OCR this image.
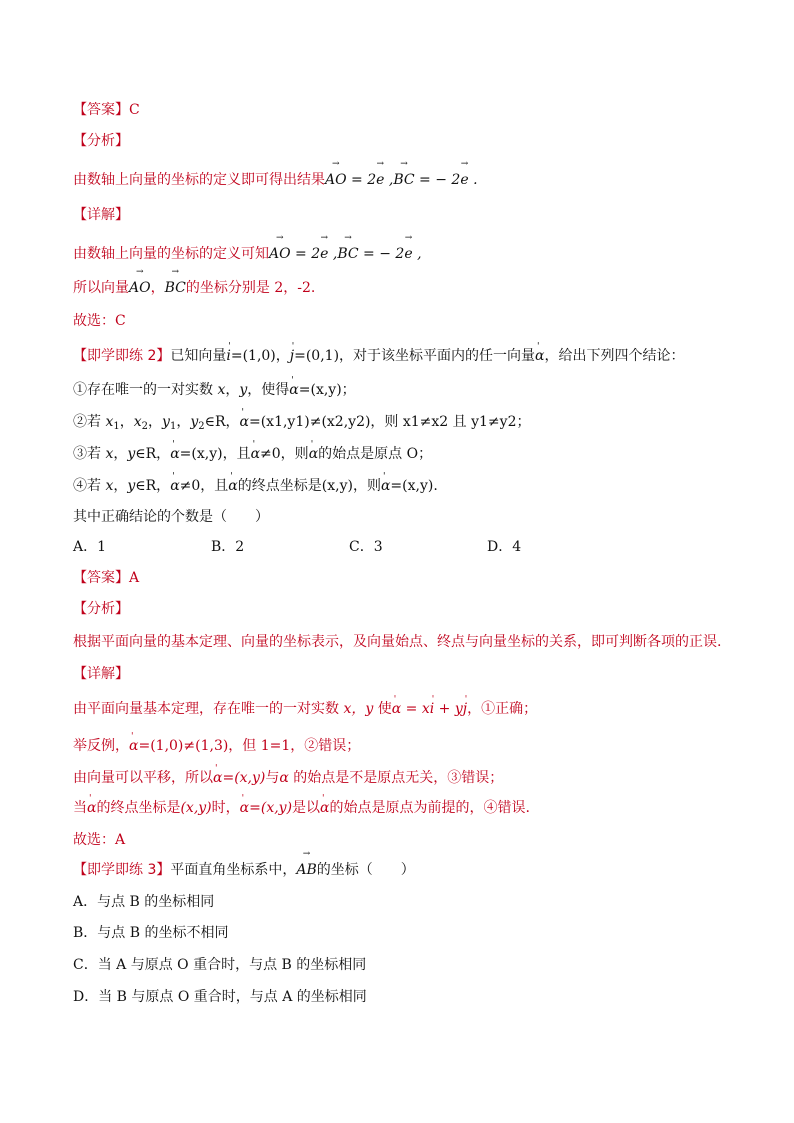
【答案】C
【分析】
由数轴上向量的坐标的定义即可得出结果→ AO = 2→ e ,→ BC = − 2→ e .
【详解】
由数轴上向量的坐标的定义可知→ AO = 2→ e ,→ BC = − 2→ e ,
所以向量→ AO，→ BC的坐标分别是 2，-2.
故选：C
【即学即练 2】已知向量' i=(1,0)，' j=(0,1)，对于该坐标平面内的任一向量' α，给出下列四个结论：
①存在唯一的一对实数 x，y，使得' α=(x,y)；
②若 $x_1$，$x_2$，$y_1$，$y_2\in R$，' α=(x1,y1)≠(x2,y2)，则 x1≠x2 且 y1≠y2；
③若 x，y∈R，' α=(x,y)，且' α≠0，则' α的始点是原点 O；
④若 x，y∈R，' α≠0，且' α的终点坐标是(x,y)，则' α=(x,y).
其中正确结论的个数是（　　）
A．1	B．2	C．3	D．4
【答案】A
【分析】
根据平面向量的基本定理、向量的坐标表示，及向量始点、终点与向量坐标的关系，即可判断各项的正误.
【详解】
由平面向量基本定理，存在唯一的一对实数 x，y 使' α = x' i + y' j，①正确；
举反例，' α=(1,0)≠(1,3)，但 1=1，②错误；
由向量可以平移，所以' α=(x,y)与α 的始点是不是原点无关，③错误；
当' α的终点坐标是(x,y)时，' α=(x,y)是以' α的始点是原点为前提的，④错误.
故选：A
【即学即练 3】平面直角坐标系中，→ AB的坐标（　　）
A．与点 B 的坐标相同
B．与点 B 的坐标不相同
C．当 A 与原点 O 重合时，与点 B 的坐标相同
D．当 B 与原点 O 重合时，与点 A 的坐标相同
